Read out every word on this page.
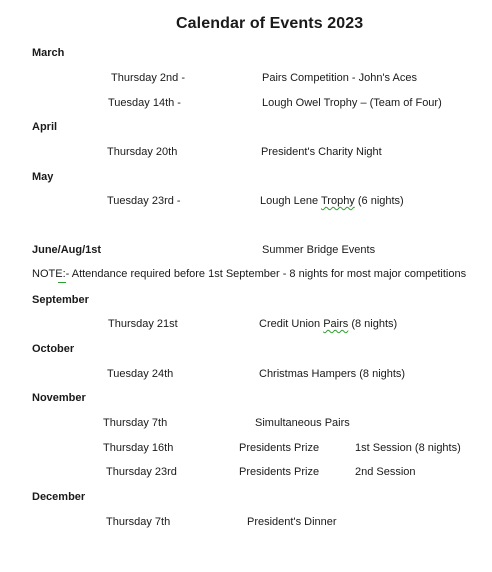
Calendar of Events 2023
March
Thursday 2nd -	Pairs Competition - John's Aces
Tuesday 14th -	Lough Owel Trophy – (Team of Four)
April
Thursday 20th	President's Charity Night
May
Tuesday 23rd -	Lough Lene Trophy (6 nights)
June/Aug/1st	Summer Bridge Events
NOTE:- Attendance required before 1st September - 8 nights for most major competitions
September
Thursday 21st	Credit Union Pairs (8 nights)
October
Tuesday 24th	Christmas Hampers (8 nights)
November
Thursday 7th	Simultaneous Pairs
Thursday 16th	Presidents Prize	1st Session (8 nights)
Thursday 23rd	Presidents Prize	2nd Session
December
Thursday 7th	President's Dinner
